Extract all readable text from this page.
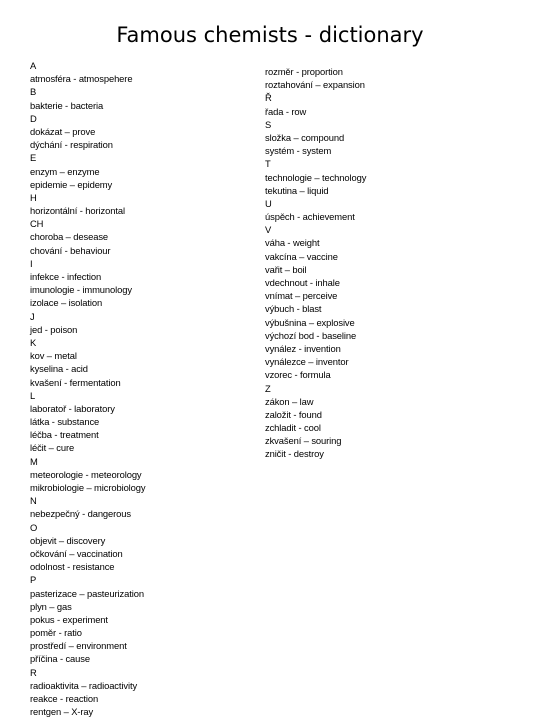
Famous chemists - dictionary
A
atmosféra - atmospehere
B
bakterie - bacteria
D
dokázat – prove
dýchání - respiration
E
enzym – enzyme
epidemie – epidemy
H
horizontální - horizontal
CH
choroba – desease
chování - behaviour
I
infekce - infection
imunologie - immunology
izolace – isolation
J
jed - poison
K
kov – metal
kyselina - acid
kvašení - fermentation
L
laboratoř - laboratory
látka - substance
léčba - treatment
léčit – cure
M
meteorologie - meteorology
mikrobiologie – microbiology
N
nebezpečný - dangerous
O
objevit – discovery
očkování – vaccination
odolnost - resistance
P
pasterizace – pasteurization
plyn – gas
pokus - experiment
poměr - ratio
prostředí – environment
příčina - cause
R
radioaktivita – radioactivity
reakce - reaction
rentgen – X-ray
rozměr - proportion
roztahování – expansion
Ř
řada - row
S
složka – compound
systém - system
T
technologie – technology
tekutina – liquid
U
úspěch - achievement
V
váha - weight
vakcína – vaccine
vařit – boil
vdechnout - inhale
vnímat – perceive
výbuch - blast
výbušnina – explosive
výchozí bod - baseline
vynález - invention
vynálezce – inventor
vzorec - formula
Z
zákon – law
založit - found
zchladit - cool
zkvašení – souring
zničit - destroy
